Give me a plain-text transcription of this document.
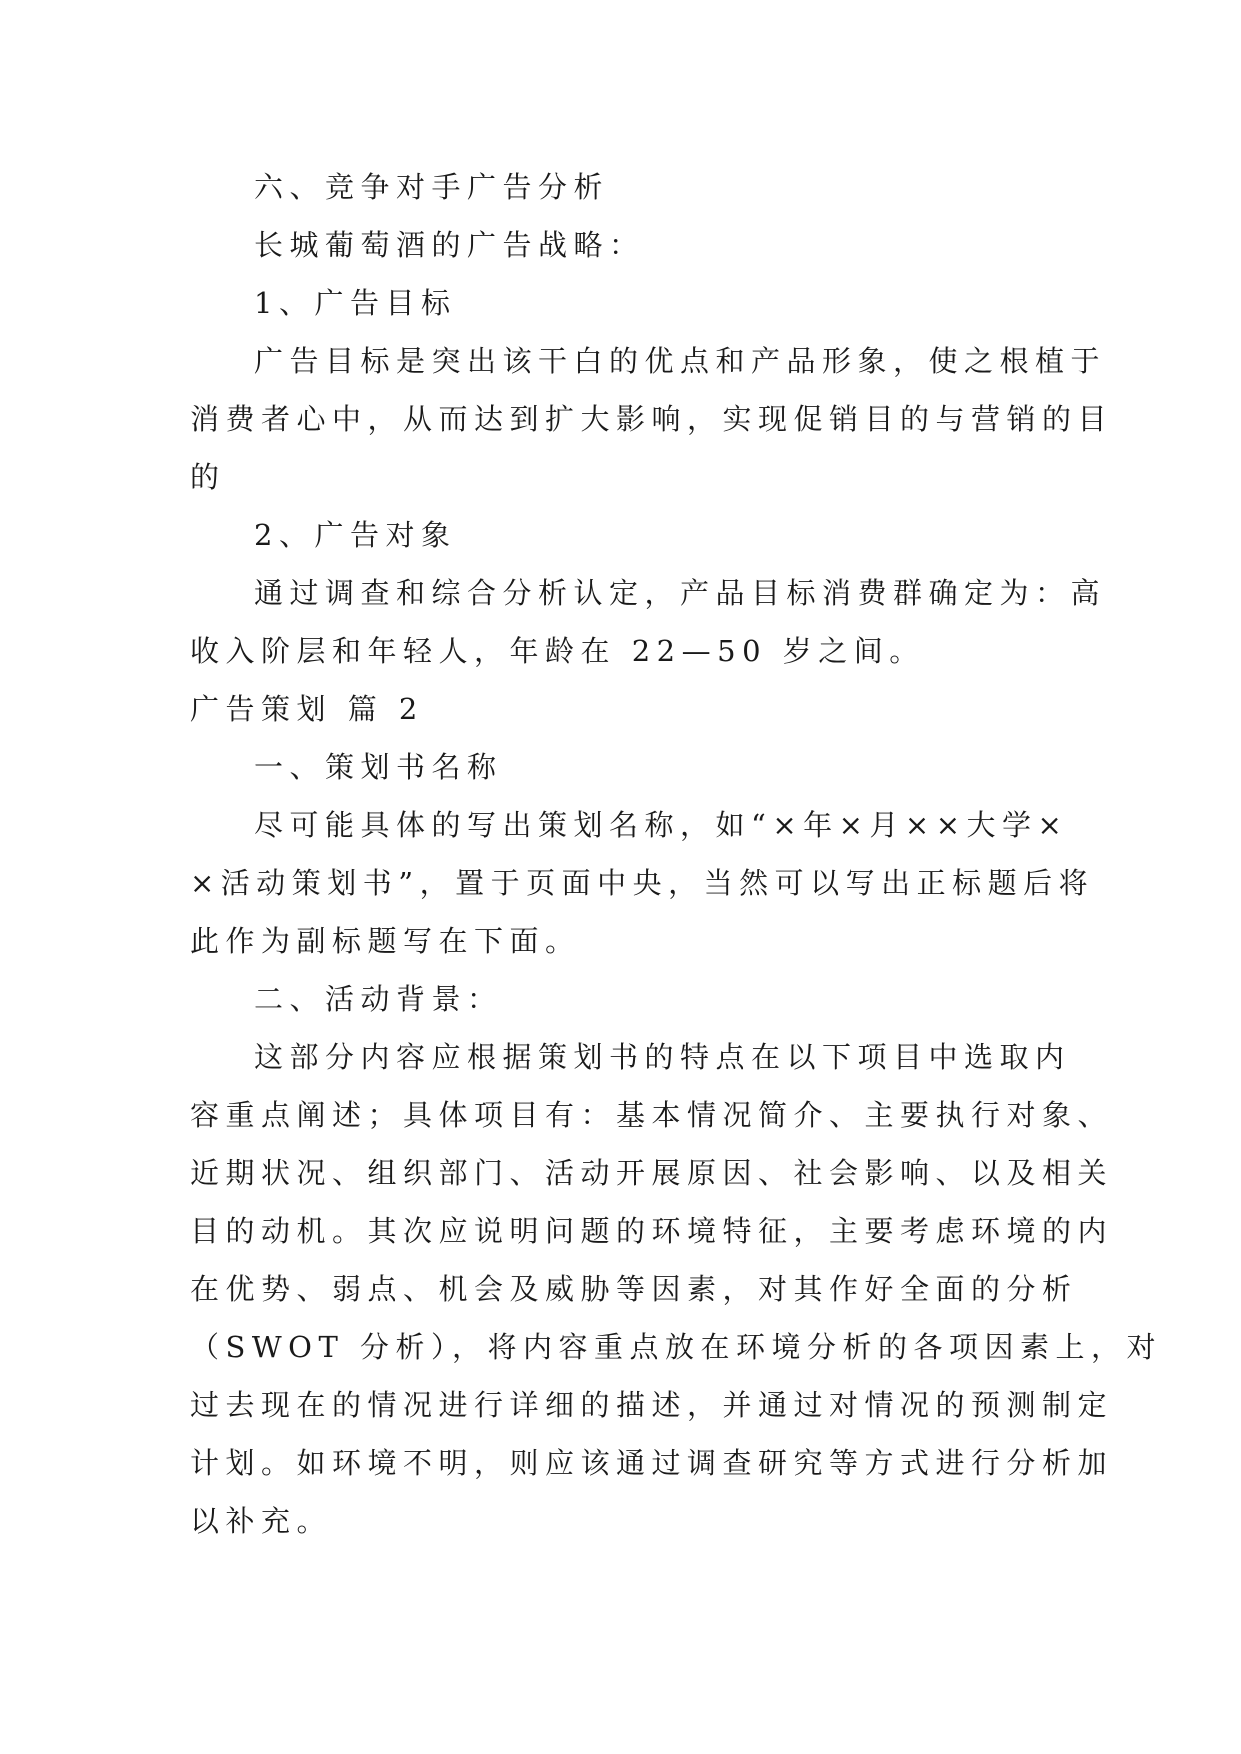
六、竞争对手广告分析
长城葡萄酒的广告战略：
1、广告目标
广告目标是突出该干白的优点和产品形象，使之根植于
消费者心中，从而达到扩大影响，实现促销目的与营销的目
的
2、广告对象
通过调查和综合分析认定，产品目标消费群确定为：高
收入阶层和年轻人，年龄在 22—50 岁之间。
广告策划 篇 2
一、策划书名称
尽可能具体的写出策划名称，如“×年×月××大学×
×活动策划书”，置于页面中央，当然可以写出正标题后将
此作为副标题写在下面。
二、活动背景：
这部分内容应根据策划书的特点在以下项目中选取内
容重点阐述；具体项目有：基本情况简介、主要执行对象、
近期状况、组织部门、活动开展原因、社会影响、以及相关
目的动机。其次应说明问题的环境特征，主要考虑环境的内
在优势、弱点、机会及威胁等因素，对其作好全面的分析
（SWOT 分析），将内容重点放在环境分析的各项因素上，对
过去现在的情况进行详细的描述，并通过对情况的预测制定
计划。如环境不明，则应该通过调查研究等方式进行分析加
以补充。
